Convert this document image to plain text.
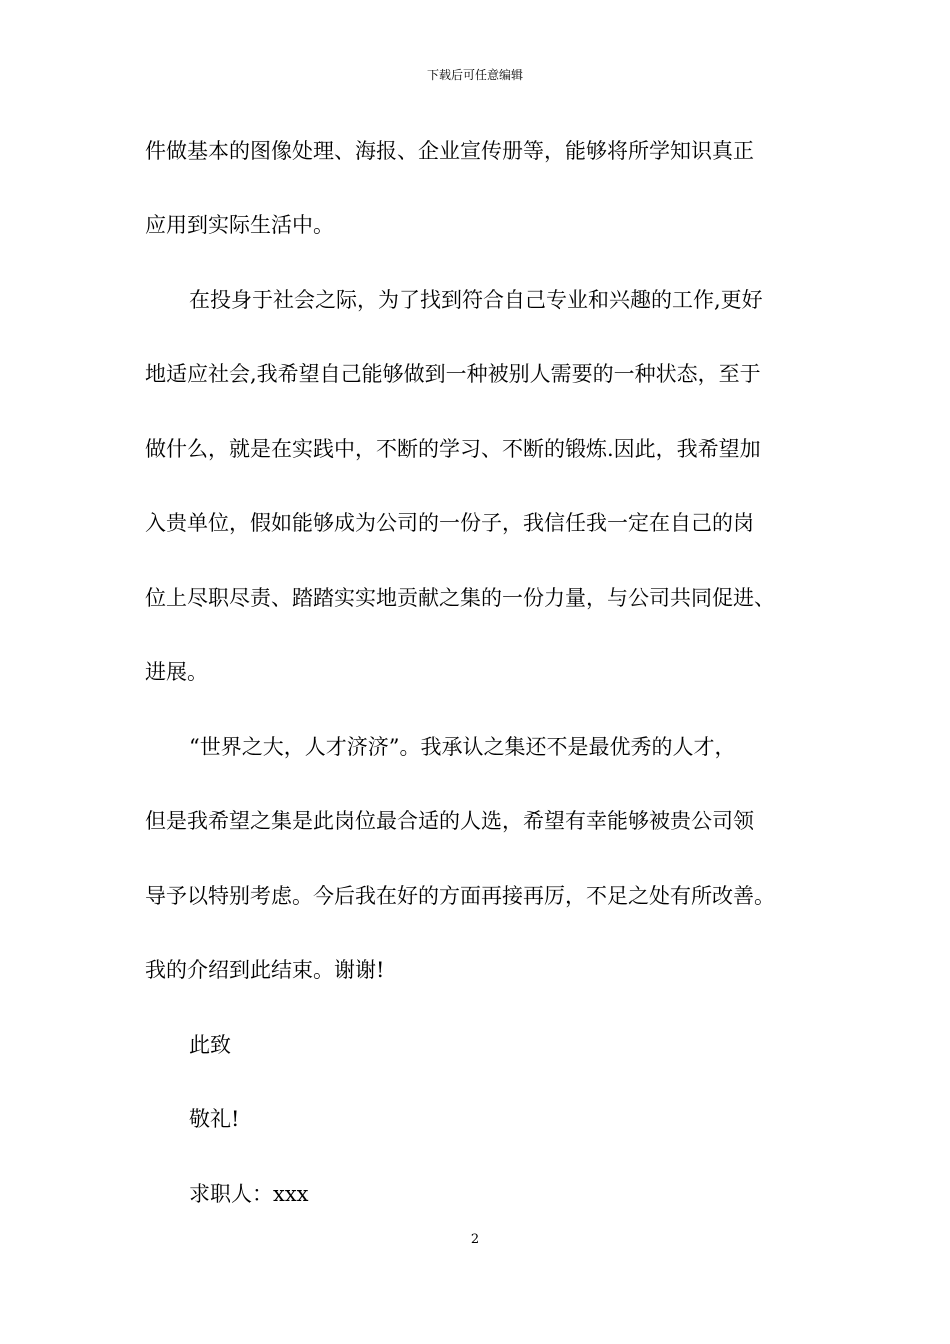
下载后可任意编辑
件做基本的图像处理、海报、企业宣传册等，能够将所学知识真正
应用到实际生活中。
在投身于社会之际，为了找到符合自己专业和兴趣的工作,更好
地适应社会,我希望自己能够做到一种被别人需要的一种状态，至于
做什么，就是在实践中，不断的学习、不断的锻炼.因此，我希望加
入贵单位，假如能够成为公司的一份子，我信任我一定在自己的岗
位上尽职尽责、踏踏实实地贡献之集的一份力量，与公司共同促进、
进展。
“世界之大，人才济济”。我承认之集还不是最优秀的人才，
但是我希望之集是此岗位最合适的人选，希望有幸能够被贵公司领
导予以特别考虑。今后我在好的方面再接再厉，不足之处有所改善。
我的介绍到此结束。谢谢!
此致
敬礼!
求职人：xxx
2
